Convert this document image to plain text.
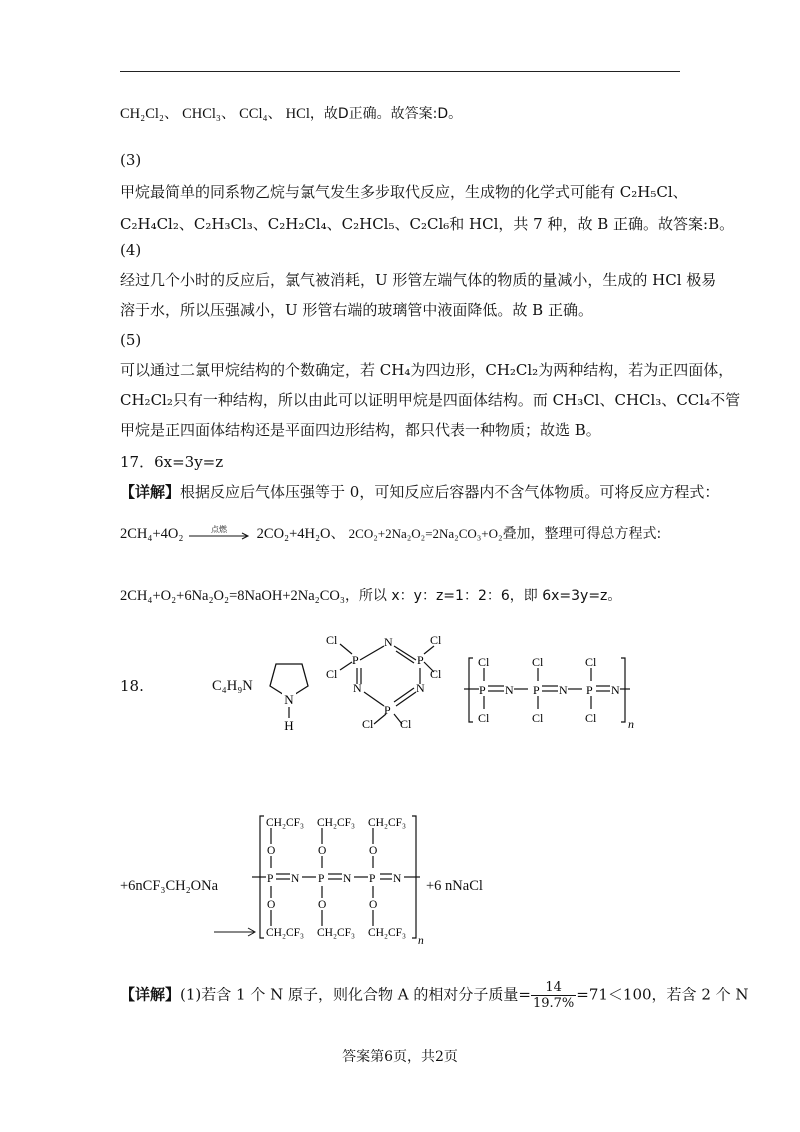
CH₂Cl₂、 CHCl₃、 CCl₄、 HCl，故D正确。故答案:D。
(3)
甲烷最简单的同系物乙烷与氯气发生多步取代反应，生成物的化学式可能有 C₂H₅Cl、
C₂H₄Cl₂、C₂H₃Cl₃、C₂H₂Cl₄、C₂HCl₅、C₂Cl₆和 HCl，共 7 种，故 B 正确。故答案:B。
(4)
经过几个小时的反应后，氯气被消耗，U 形管左端气体的物质的量减小，生成的 HCl 极易
溶于水，所以压强减小，U 形管右端的玻璃管中液面降低。故 B 正确。
(5)
可以通过二氯甲烷结构的个数确定，若 CH₄为四边形，CH₂Cl₂为两种结构，若为正四面体，
CH₂Cl₂只有一种结构，所以由此可以证明甲烷是四面体结构。而 CH₃Cl、CHCl₃、CCl₄不管
甲烷是正四面体结构还是平面四边形结构，都只代表一种物质；故选 B。
17．6x=3y=z
【详解】根据反应后气体压强等于 0，可知反应后容器内不含气体物质。可将反应方程式：
2CH₄+4O₂	点燃	2CO₂+4H₂O、 2CO₂+2Na₂O₂=2Na₂CO₃+O₂叠加，整理可得总方程式:
2CH₄+O₂+6Na₂O₂=8NaOH+2Na₂CO₃，所以 x：y：z=1：2：6，即 6x=3y=z。
18.	C₄H₉N
N
H
Cl
Cl
P
N
P
Cl
Cl
N
N
P
Cl Cl
Cl
P
Cl
N
Cl
P
Cl
N
Cl
P
Cl
N
n
+6nCF₃CH₂ONa
CH₂CF₃ CH₂CF₃ CH₂CF₃
O	O	O
P N P N P N
O	O	O
CH₂CF₃ CH₂CF₃ CH₂CF₃
n
+6 nNaCl
【详解】(1)若含 1 个 N 原子，则化合物 A 的相对分子质量= $\frac{14}{19.7\%} =71<100$，若含 2 个 N
答案第6页，共2页
